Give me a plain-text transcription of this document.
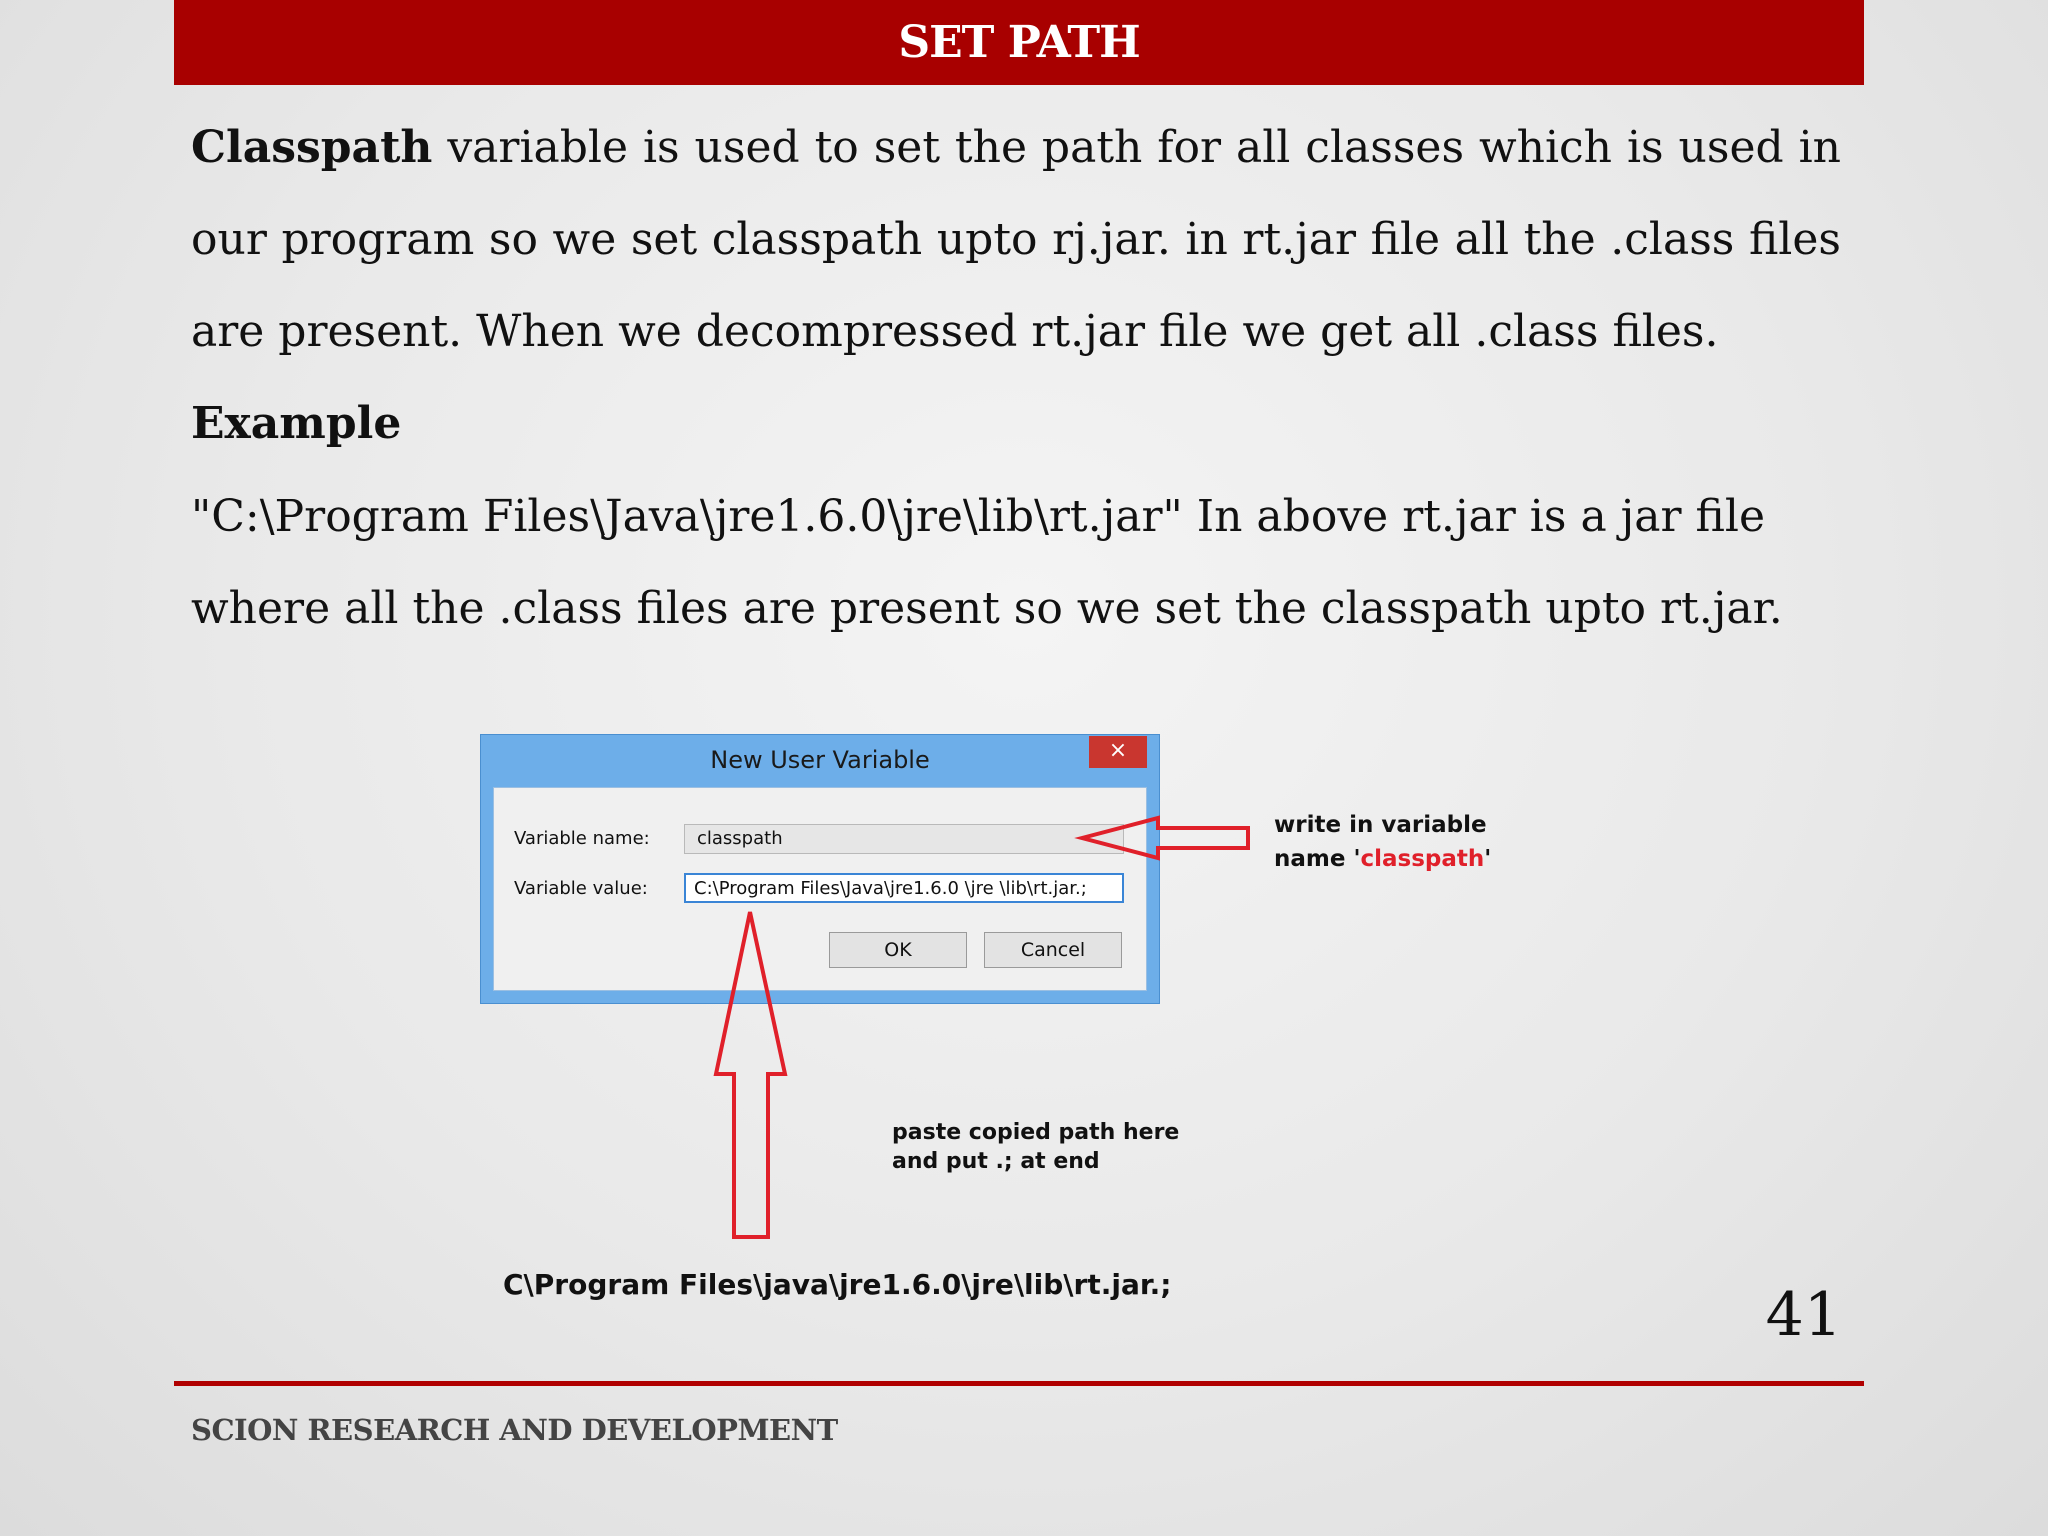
SET PATH
Classpath variable is used to set the path for all classes which is used in our program so we set classpath upto rj.jar. in rt.jar file all the .class files are present. When we decompressed rt.jar file we get all .class files.
Example
"C:\Program Files\Java\jre1.6.0\jre\lib\rt.jar" In above rt.jar is a jar file
where all the .class files are present so we set the classpath upto rt.jar.
New User Variable	×
Variable name:	classpath
Variable value:	C:\Program Files\Java\jre1.6.0 \jre \lib\rt.jar.;
OK	Cancel
write in variable
name 'classpath'
paste copied path here
and put .; at end
C\Program Files\java\jre1.6.0\jre\lib\rt.jar.;	41
SCION RESEARCH AND DEVELOPMENT
